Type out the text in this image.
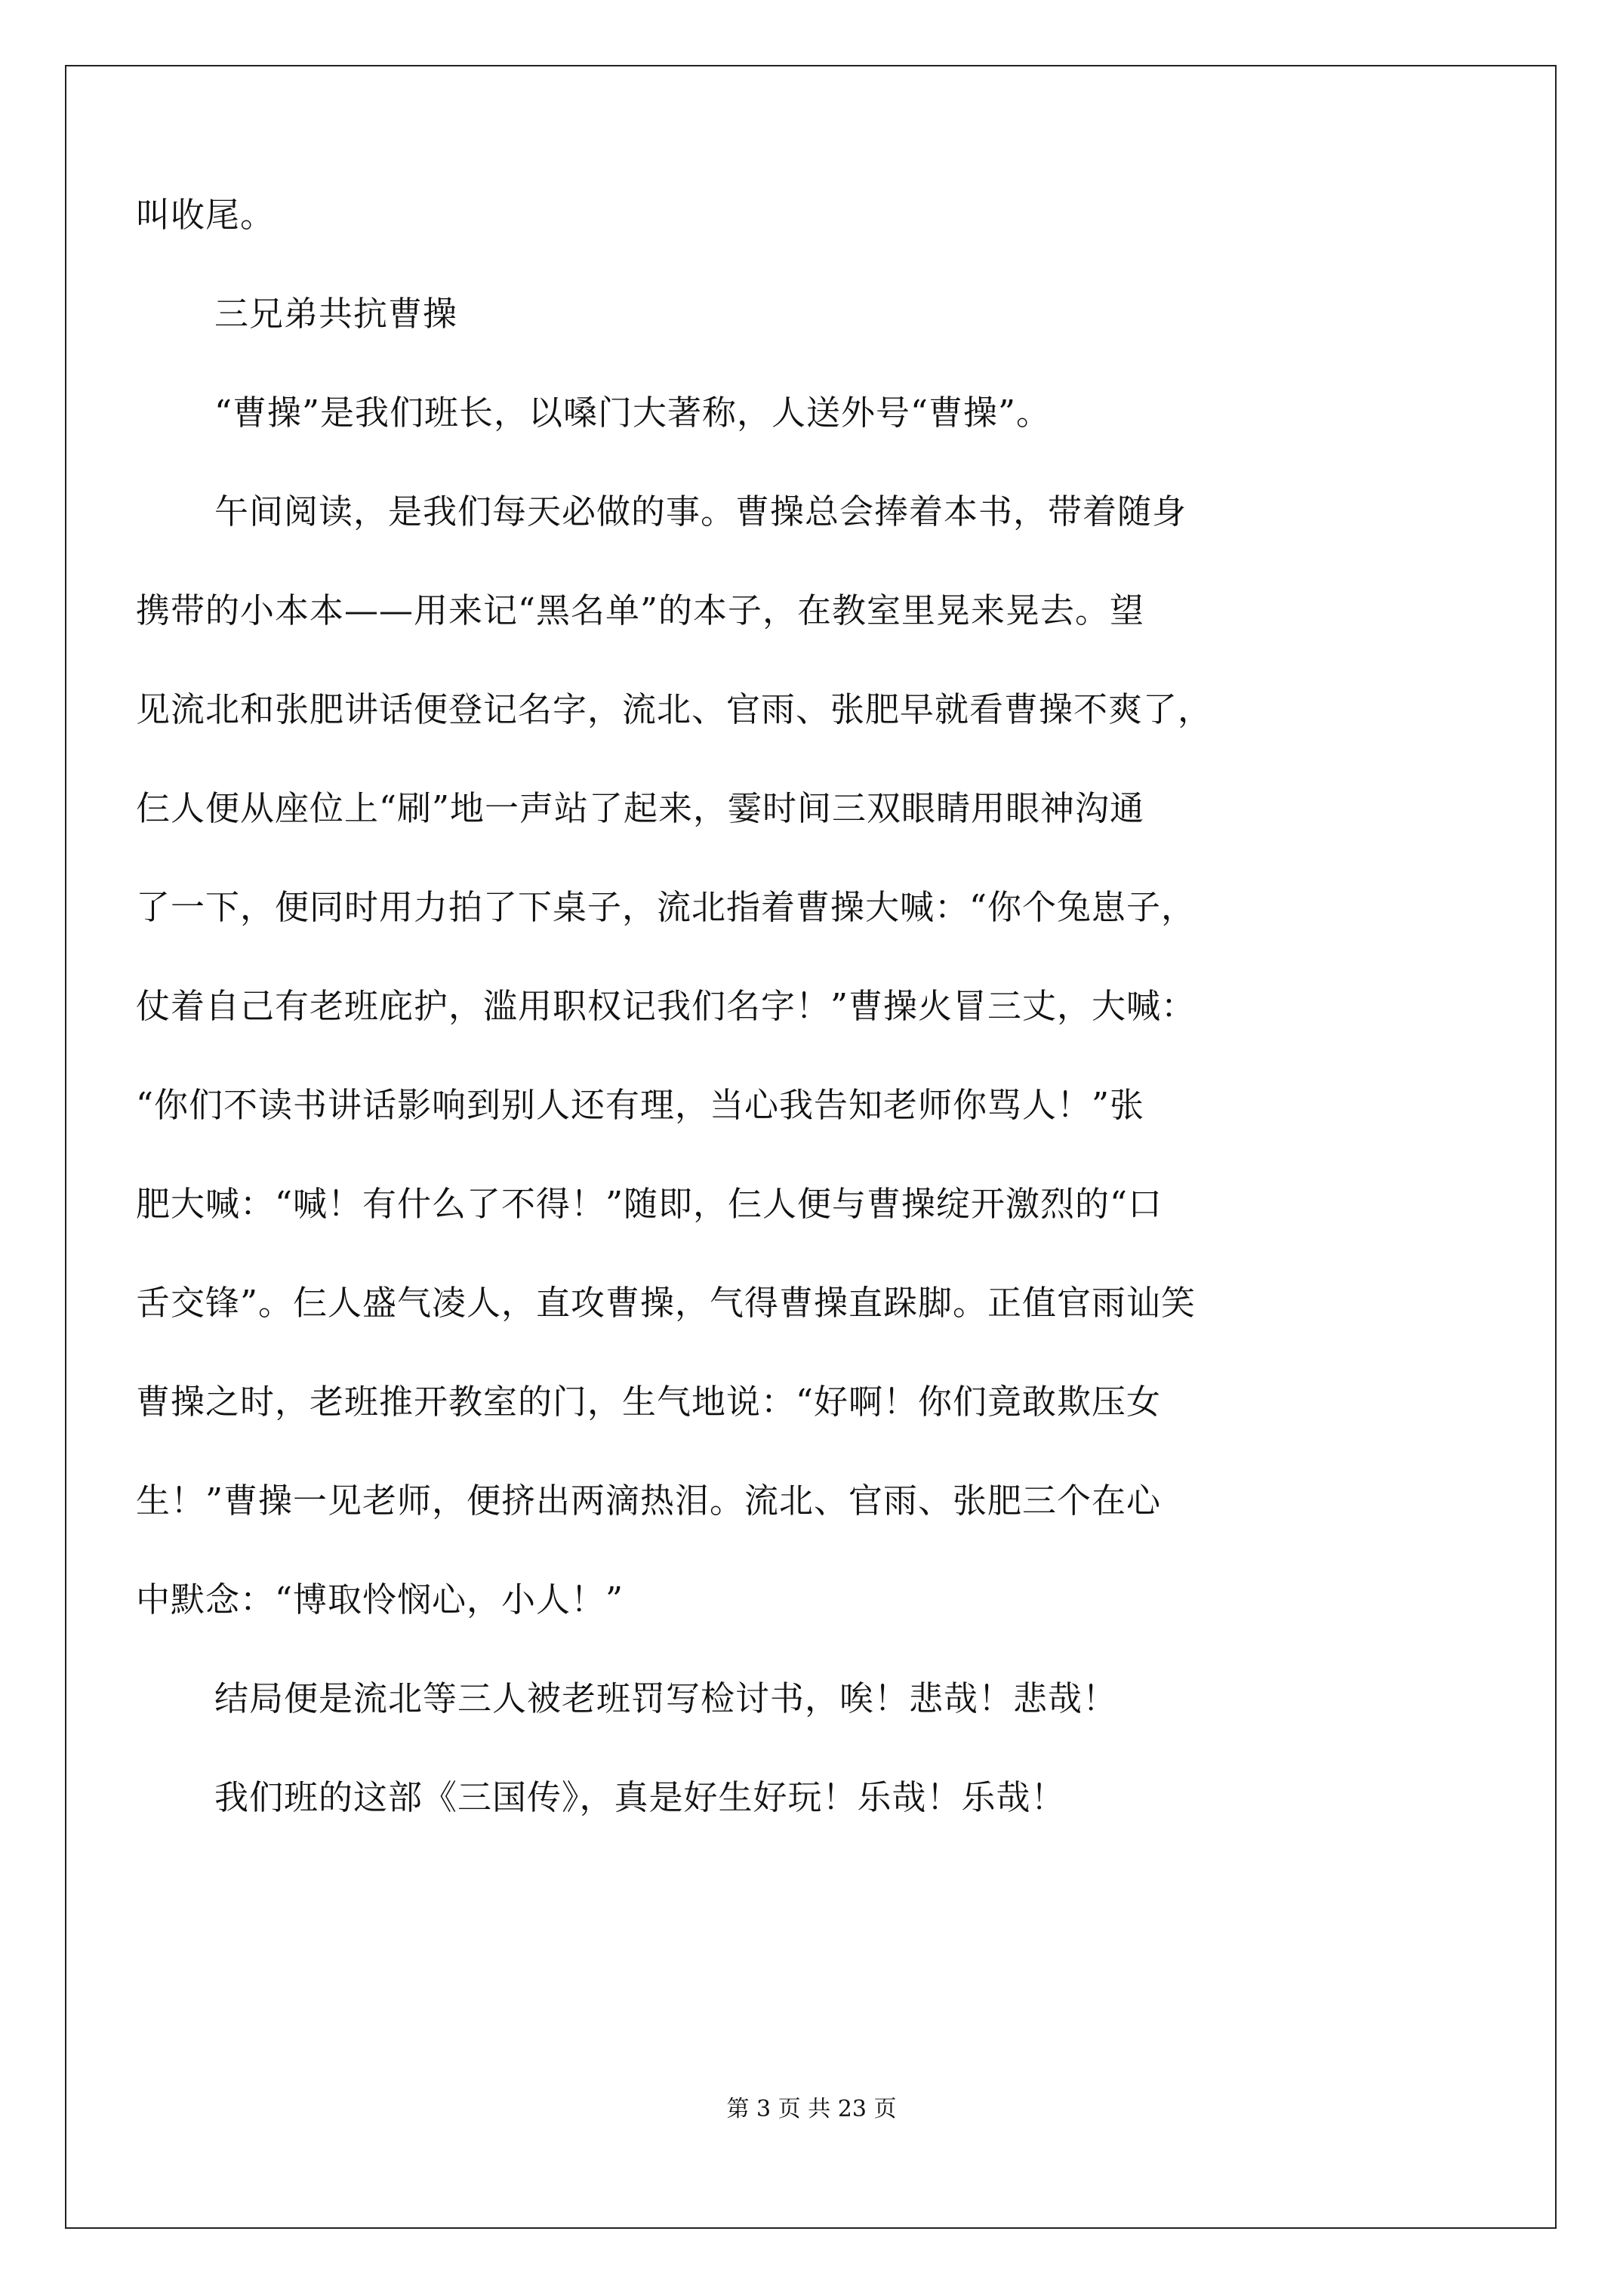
叫收尾。
三兄弟共抗曹操
“曹操”是我们班长，以嗓门大著称，人送外号“曹操”。
午间阅读，是我们每天必做的事。曹操总会捧着本书，带着随身
携带的小本本——用来记“黑名单”的本子，在教室里晃来晃去。望
见流北和张肥讲话便登记名字，流北、官雨、张肥早就看曹操不爽了，
仨人便从座位上“刷”地一声站了起来，霎时间三双眼睛用眼神沟通
了一下，便同时用力拍了下桌子，流北指着曹操大喊：“你个兔崽子，
仗着自己有老班庇护，滥用职权记我们名字！”曹操火冒三丈，大喊：
“你们不读书讲话影响到别人还有理，当心我告知老师你骂人！”张
肥大喊：“喊！有什么了不得！”随即，仨人便与曹操绽开激烈的“口
舌交锋”。仨人盛气凌人，直攻曹操，气得曹操直跺脚。正值官雨讪笑
曹操之时，老班推开教室的门，生气地说：“好啊！你们竟敢欺压女
生！”曹操一见老师，便挤出两滴热泪。流北、官雨、张肥三个在心
中默念：“博取怜悯心，小人！”
结局便是流北等三人被老班罚写检讨书，唉！悲哉！悲哉！
我们班的这部《三国传》，真是好生好玩！乐哉！乐哉！
第 3 页 共 23 页
